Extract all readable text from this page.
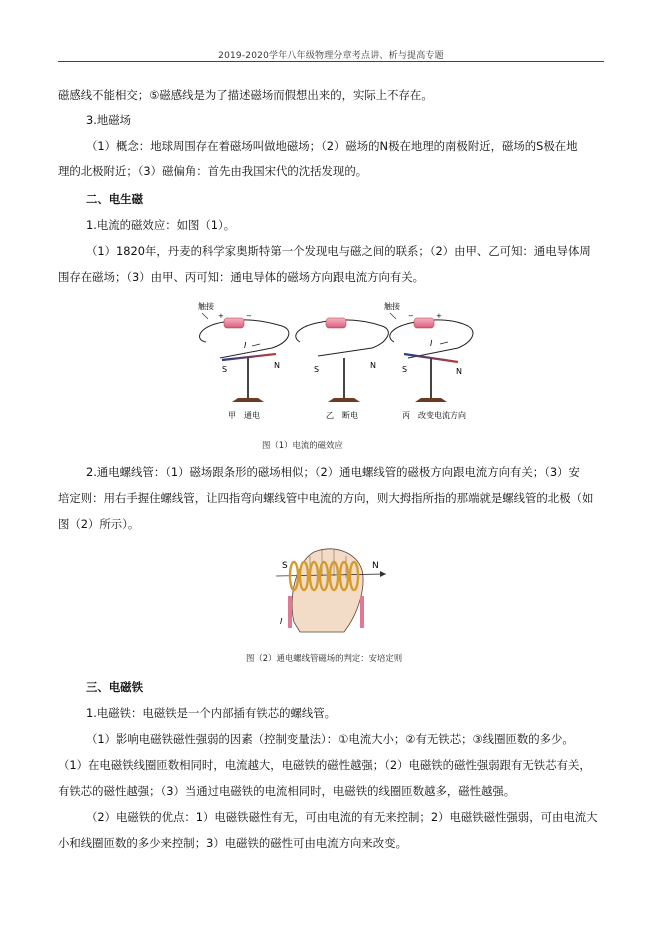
2019-2020学年八年级物理分章考点讲、析与提高专题
磁感线不能相交；⑤磁感线是为了描述磁场而假想出来的，实际上不存在。
3.地磁场
（1）概念：地球周围存在着磁场叫做地磁场；（2）磁场的N极在地理的南极附近，磁场的S极在地
理的北极附近；（3）磁偏角：首先由我国宋代的沈括发现的。
二、电生磁
1.电流的磁效应：如图（1）。
（1）1820年，丹麦的科学家奥斯特第一个发现电与磁之间的联系；（2）由甲、乙可知：通电导体周
围存在磁场；（3）由甲、丙可知：通电导体的磁场方向跟电流方向有关。
触接
+	−
I
S	N
甲　通电
S	N
乙　断电
触接
−	+
I
S	N
丙　改变电流方向
图（1）电流的磁效应
2.通电螺线管：（1）磁场跟条形的磁场相似；（2）通电螺线管的磁极方向跟电流方向有关；（3）安
培定则：用右手握住螺线管，让四指弯向螺线管中电流的方向，则大拇指所指的那端就是螺线管的北极（如
图（2）所示）。
S	N
I
图（2）通电螺线管磁场的判定：安培定则
三、电磁铁
1.电磁铁：电磁铁是一个内部插有铁芯的螺线管。
（1）影响电磁铁磁性强弱的因素（控制变量法）：①电流大小；②有无铁芯；③线圈匝数的多少。
（1）在电磁铁线圈匝数相同时，电流越大，电磁铁的磁性越强；（2）电磁铁的磁性强弱跟有无铁芯有关，
有铁芯的磁性越强；（3）当通过电磁铁的电流相同时，电磁铁的线圈匝数越多，磁性越强。
（2）电磁铁的优点：1）电磁铁磁性有无，可由电流的有无来控制；2）电磁铁磁性强弱，可由电流大
小和线圈匝数的多少来控制；3）电磁铁的磁性可由电流方向来改变。
